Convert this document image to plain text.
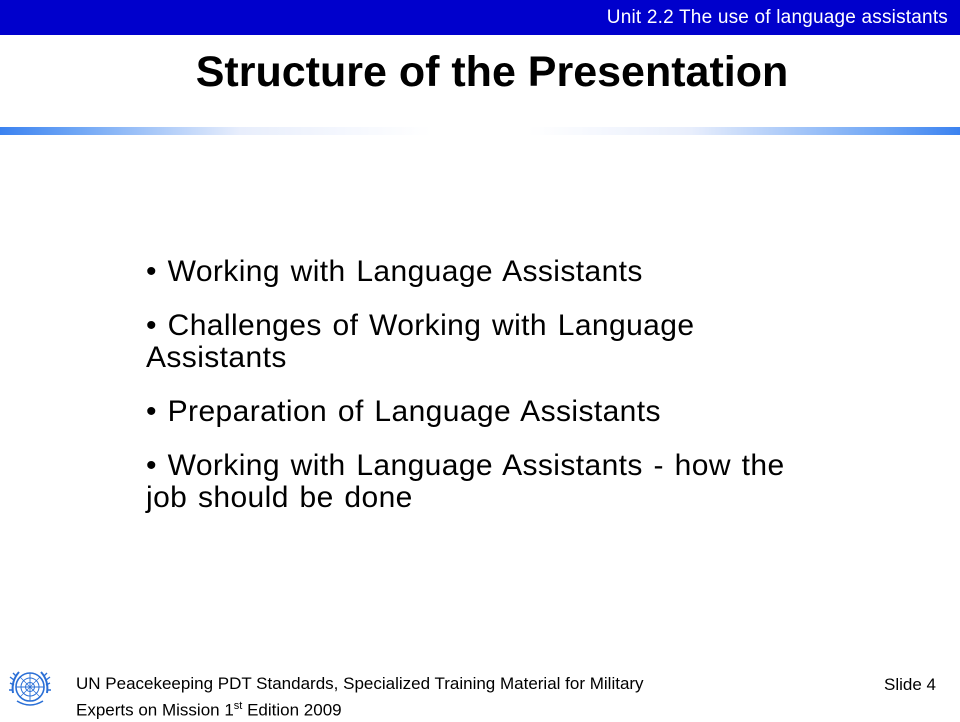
Unit 2.2 The use of language assistants
Structure of the Presentation
• Working with Language Assistants
• Challenges of Working with Language Assistants
• Preparation of Language Assistants
• Working with Language Assistants - how the job should be done
UN Peacekeeping PDT Standards, Specialized Training Material for Military
Experts on Mission 1st Edition 2009
Slide 4
